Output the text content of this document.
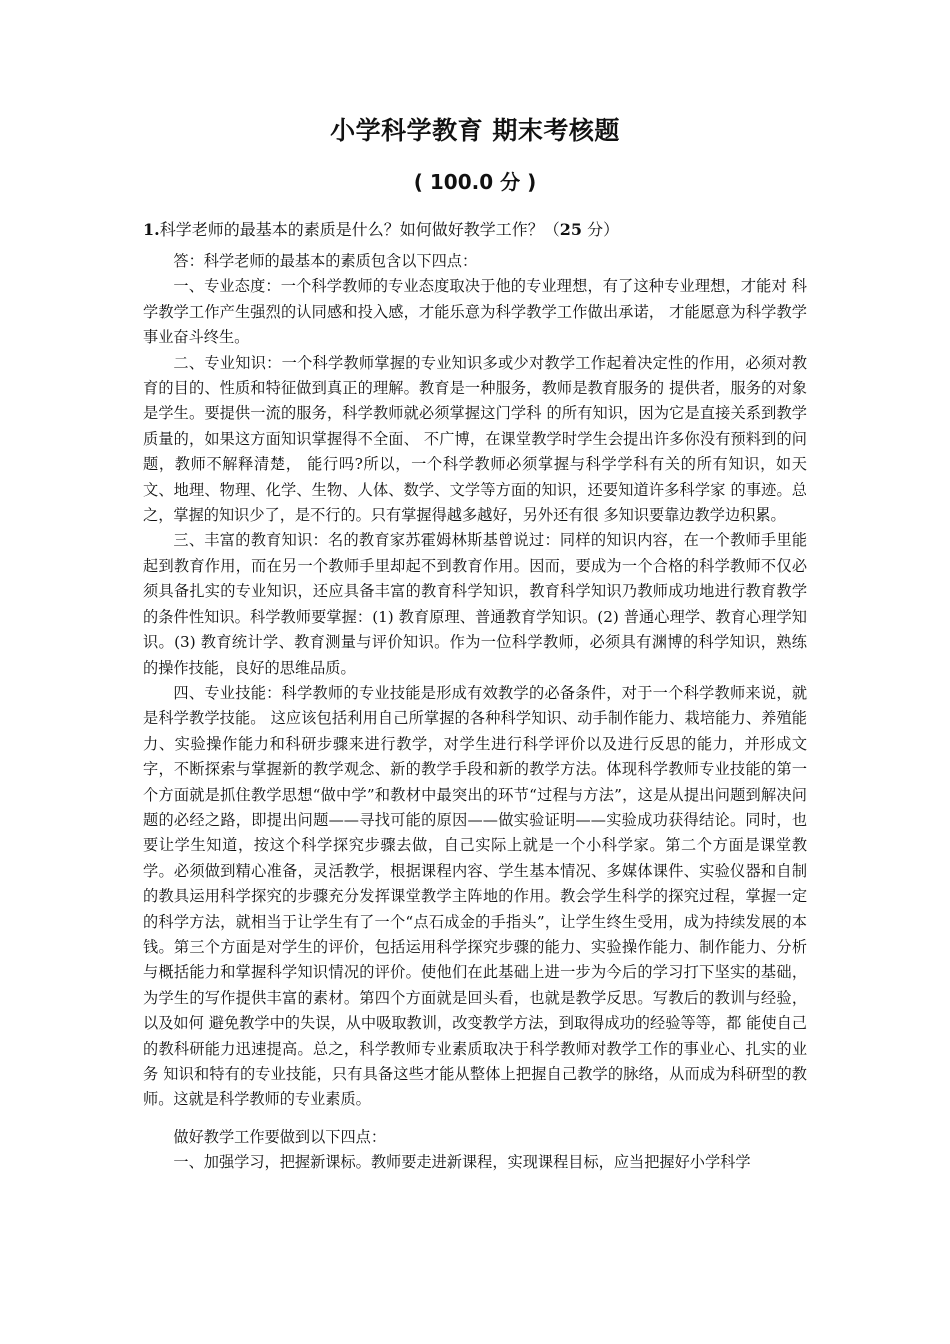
小学科学教育 期末考核题
( 100.0 分 )

1.科学老师的最基本的素质是什么？如何做好教学工作？（25 分）

答：科学老师的最基本的素质包含以下四点：

一、专业态度：一个科学教师的专业态度取决于他的专业理想，有了这种专业理想，才能对 科学教学工作产生强烈的认同感和投入感，才能乐意为科学教学工作做出承诺， 才能愿意为科学教学事业奋斗终生。

二、专业知识：一个科学教师掌握的专业知识多或少对教学工作起着决定性的作用，必须对教育的目的、性质和特征做到真正的理解。教育是一种服务，教师是教育服务的 提供者，服务的对象是学生。要提供一流的服务，科学教师就必须掌握这门学科 的所有知识，因为它是直接关系到教学质量的，如果这方面知识掌握得不全面、 不广博，在课堂教学时学生会提出许多你没有预料到的问题，教师不解释清楚， 能行吗?所以，一个科学教师必须掌握与科学学科有关的所有知识，如天文、地理、物理、化学、生物、人体、数学、文学等方面的知识，还要知道许多科学家 的事迹。总之，掌握的知识少了，是不行的。只有掌握得越多越好，另外还有很 多知识要靠边教学边积累。

三、丰富的教育知识：名的教育家苏霍姆林斯基曾说过：同样的知识内容，在一个教师手里能起到教育作用，而在另一个教师手里却起不到教育作用。因而，要成为一个合格的科学教师不仅必须具备扎实的专业知识，还应具备丰富的教育科学知识，教育科学知识乃教师成功地进行教育教学的条件性知识。科学教师要掌握：(1) 教育原理、普通教育学知识。(2) 普通心理学、教育心理学知识。(3) 教育统计学、教育测量与评价知识。作为一位科学教师，必须具有渊博的科学知识，熟练的操作技能，良好的思维品质。

四、专业技能：科学教师的专业技能是形成有效教学的必备条件，对于一个科学教师来说，就是科学教学技能。 这应该包括利用自己所掌握的各种科学知识、动手制作能力、栽培能力、养殖能力、实验操作能力和科研步骤来进行教学，对学生进行科学评价以及进行反思的能力，并形成文字，不断探索与掌握新的教学观念、新的教学手段和新的教学方法。体现科学教师专业技能的第一个方面就是抓住教学思想“做中学”和教材中最突出的环节“过程与方法”，这是从提出问题到解决问题的必经之路，即提出问题——寻找可能的原因——做实验证明——实验成功获得结论。同时，也要让学生知道，按这个科学探究步骤去做，自己实际上就是一个小科学家。第二个方面是课堂教学。必须做到精心准备，灵活教学，根据课程内容、学生基本情况、多媒体课件、实验仪器和自制的教具运用科学探究的步骤充分发挥课堂教学主阵地的作用。教会学生科学的探究过程，掌握一定的科学方法，就相当于让学生有了一个“点石成金的手指头”，让学生终生受用，成为持续发展的本钱。第三个方面是对学生的评价，包括运用科学探究步骤的能力、实验操作能力、制作能力、分析与概括能力和掌握科学知识情况的评价。使他们在此基础上进一步为今后的学习打下坚实的基础，为学生的写作提供丰富的素材。第四个方面就是回头看，也就是教学反思。写教后的教训与经验，以及如何 避免教学中的失误，从中吸取教训，改变教学方法，到取得成功的经验等等，都 能使自己的教科研能力迅速提高。总之，科学教师专业素质取决于科学教师对教学工作的事业心、扎实的业务 知识和特有的专业技能，只有具备这些才能从整体上把握自己教学的脉络，从而成为科研型的教师。这就是科学教师的专业素质。

做好教学工作要做到以下四点：

一、加强学习，把握新课标。教师要走进新课程，实现课程目标，应当把握好小学科学
